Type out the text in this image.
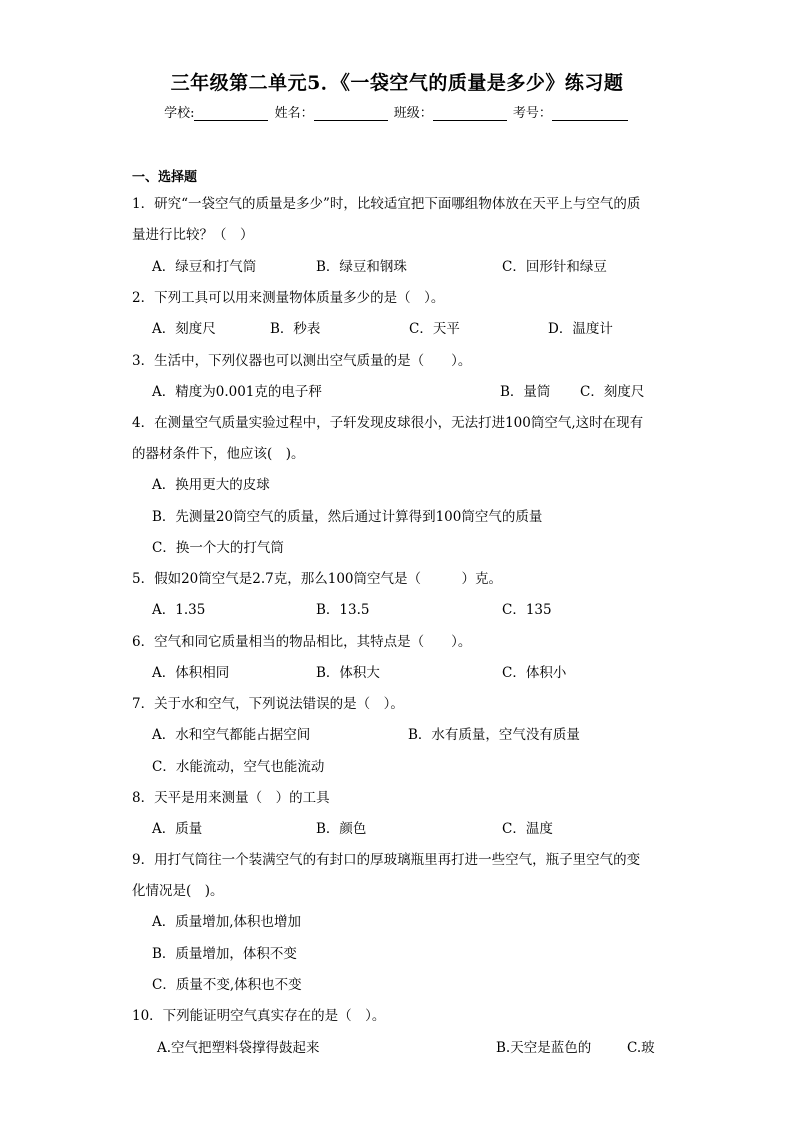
三年级第二单元5．《一袋空气的质量是多少》练习题
学校:	姓名：	班级：	考号：
一、选择题
1．研究“一袋空气的质量是多少”时，比较适宜把下面哪组物体放在天平上与空气的质
量进行比较？（　）
A．绿豆和打气筒	B．绿豆和钢珠	C．回形针和绿豆
2．下列工具可以用来测量物体质量多少的是（　）。
A．刻度尺	B．秒表	C．天平	D．温度计
3．生活中，下列仪器也可以测出空气质量的是（　　）。
A．精度为0.001克的电子秤	B．量筒 C．刻度尺
4．在测量空气质量实验过程中，子轩发现皮球很小，无法打进100筒空气,这时在现有
的器材条件下，他应该(　)。
A．换用更大的皮球
B．先测量20筒空气的质量，然后通过计算得到100筒空气的质量
C．换一个大的打气筒
5．假如20筒空气是2.7克，那么100筒空气是（　　　）克。
A．1.35	B．13.5	C．135
6．空气和同它质量相当的物品相比，其特点是（　　）。
A．体积相同	B．体积大	C．体积小
7．关于水和空气，下列说法错误的是（　）。
A．水和空气都能占据空间	B．水有质量，空气没有质量
C．水能流动，空气也能流动
8．天平是用来测量（　）的工具
A．质量	B．颜色	C．温度
9．用打气筒往一个装满空气的有封口的厚玻璃瓶里再打进一些空气，瓶子里空气的变
化情况是(　)。
A．质量增加,体积也增加
B．质量增加，体积不变
C．质量不变,体积也不变
10．下列能证明空气真实存在的是（　）。
A.空气把塑料袋撑得鼓起来	B.天空是蓝色的	C.玻
